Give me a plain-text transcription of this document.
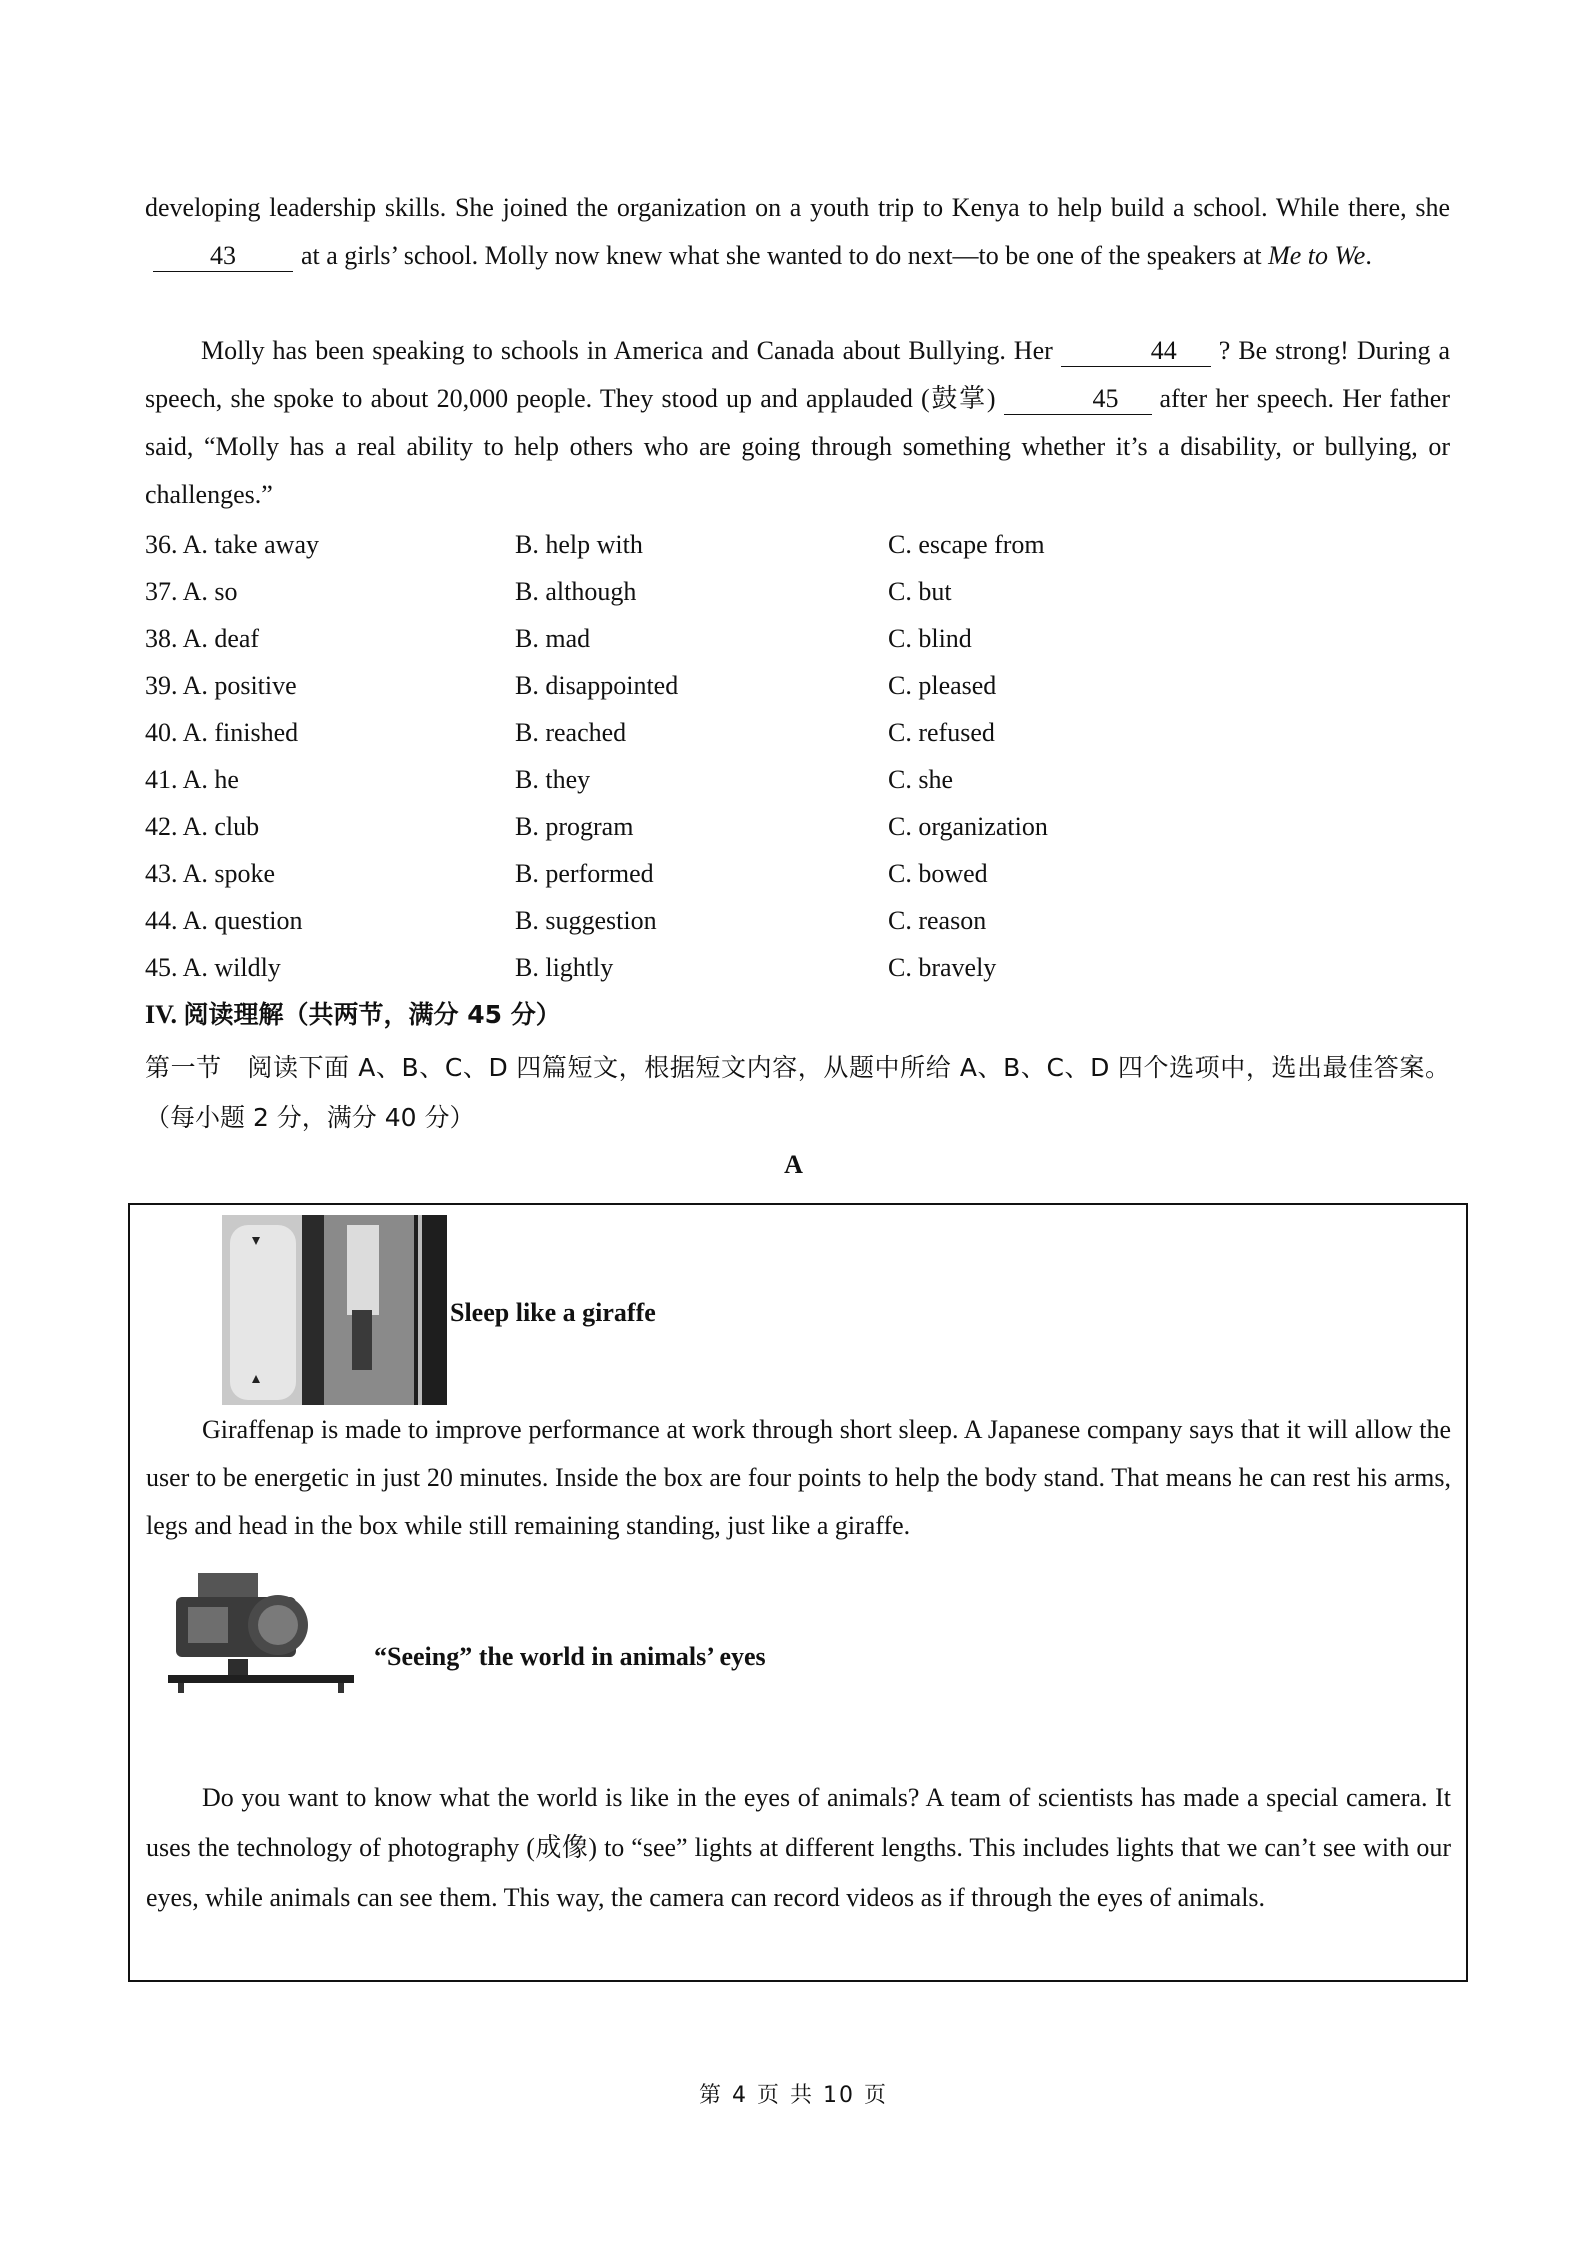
developing leadership skills. She joined the organization on a youth trip to Kenya to help build a school. While there, she43	at a girls’ school. Molly now knew what she wanted to do next—to be one of the speakers at Me to We.

Molly has been speaking to schools in America and Canada about Bullying. Her	44 ? Be strong! During a speech, she spoke to about 20,000 people. They stood up and applauded (鼓掌)	45 after her speech. Her father said, “Molly has a real ability to help others who are going through something whether it’s a disability, or bullying, or challenges.”

36. A. take away	B. help with	C. escape from
37. A. so	B. although	C. but
38. A. deaf	B. mad	C. blind
39. A. positive	B. disappointed	C. pleased
40. A. finished	B. reached	C. refused
41. A. he	B. they	C. she
42. A. club	B. program	C. organization
43. A. spoke	B. performed	C. bowed
44. A. question	B. suggestion	C. reason
45. A. wildly	B. lightly	C. bravely
IV. 阅读理解（共两节，满分 45 分）

第一节　阅读下面 A、B、C、D 四篇短文，根据短文内容，从题中所给 A、B、C、D 四个选项中，选出最佳答案。（每小题 2 分，满分 40 分）

A
Sleep like a giraffe

Giraffenap is made to improve performance at work through short sleep. A Japanese company says that it will allow the user to be energetic in just 20 minutes. Inside the box are four points to help the body stand. That means he can rest his arms, legs and head in the box while still remaining standing, just like a giraffe.

“Seeing” the world in animals’ eyes

Do you want to know what the world is like in the eyes of animals? A team of scientists has made a special camera. It uses the technology of photography (成像) to “see” lights at different lengths. This includes lights that we can’t see with our eyes, while animals can see them. This way, the camera can record videos as if through the eyes of animals.

第 4 页 共 10 页
